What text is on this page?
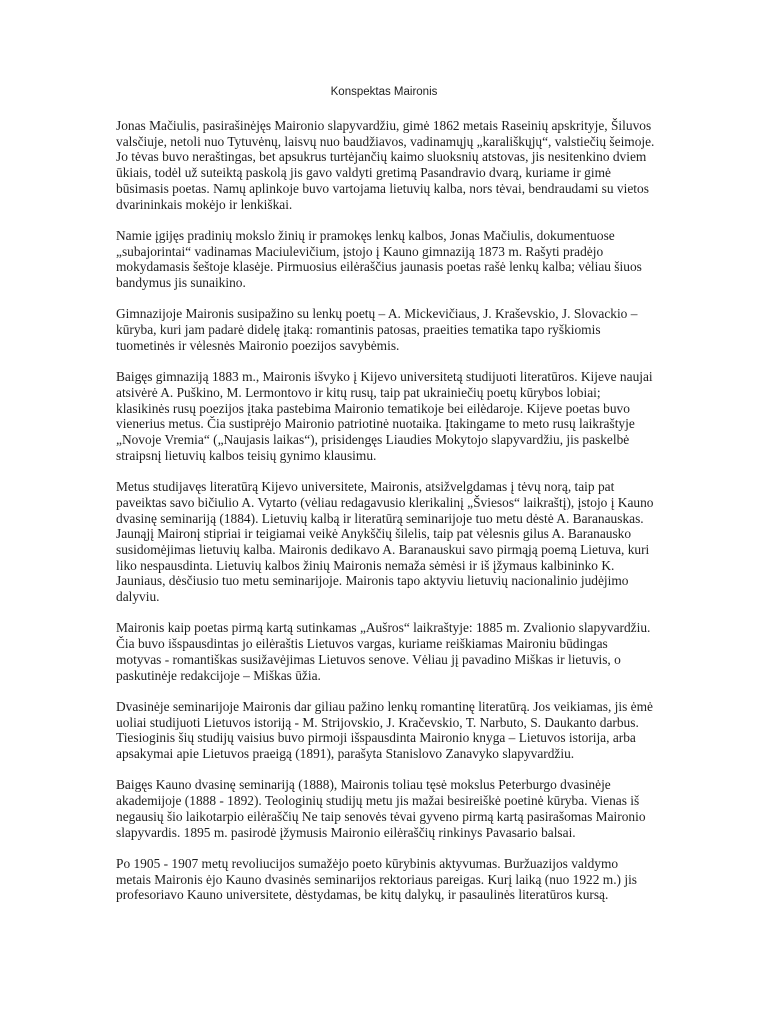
Konspektas Maironis

Jonas Mačiulis, pasirašinėjęs Maironio slapyvardžiu, gimė 1862 metais Raseinių apskrityje, Šiluvos valsčiuje, netoli nuo Tytuvėnų, laisvų nuo baudžiavos, vadinamųjų „karališkųjų“, valstiečių šeimoje. Jo tėvas buvo neraštingas, bet apsukrus turtėjančių kaimo sluoksnių atstovas, jis nesitenkino dviem ūkiais, todėl už suteiktą paskolą jis gavo valdyti gretimą Pasandravio dvarą, kuriame ir gimė būsimasis poetas. Namų aplinkoje buvo vartojama lietuvių kalba, nors tėvai, bendraudami su vietos dvarininkais mokėjo ir lenkiškai.

Namie įgijęs pradinių mokslo žinių ir pramokęs lenkų kalbos, Jonas Mačiulis, dokumentuose „subajorintai“ vadinamas Maciulevičium, įstojo į Kauno gimnaziją 1873 m. Rašyti pradėjo mokydamasis šeštoje klasėje. Pirmuosius eilėraščius jaunasis poetas rašė lenkų kalba; vėliau šiuos bandymus jis sunaikino.

Gimnazijoje Maironis susipažino su lenkų poetų – A. Mickevičiaus, J. Kraševskio, J. Slovackio – kūryba, kuri jam padarė didelę įtaką: romantinis patosas, praeities tematika tapo ryškiomis tuometinės ir vėlesnės Maironio poezijos savybėmis.

Baigęs gimnaziją 1883 m., Maironis išvyko į Kijevo universitetą studijuoti literatūros. Kijeve naujai atsivėrė A. Puškino, M. Lermontovo ir kitų rusų, taip pat ukrainiečių poetų kūrybos lobiai; klasikinės rusų poezijos įtaka pastebima Maironio tematikoje bei eilėdaroje. Kijeve poetas buvo vienerius metus. Čia sustiprėjo Maironio patriotinė nuotaika. Įtakingame to meto rusų laikraštyje „Novoje Vremia“ („Naujasis laikas“), prisidengęs Liaudies Mokytojo slapyvardžiu, jis paskelbė straipsnį lietuvių kalbos teisių gynimo klausimu.

Metus studijavęs literatūrą Kijevo universitete, Maironis, atsižvelgdamas į tėvų norą, taip pat paveiktas savo bičiulio A. Vytarto (vėliau redagavusio klerikalinį „Šviesos“ laikraštį), įstojo į Kauno dvasinę seminariją (1884). Lietuvių kalbą ir literatūrą seminarijoje tuo metu dėstė A. Baranauskas. Jaunąjį Maironį stipriai ir teigiamai veikė Anykščių šilelis, taip pat vėlesnis gilus A. Baranausko susidomėjimas lietuvių kalba. Maironis dedikavo A. Baranauskui savo pirmąją poemą Lietuva, kuri liko nespausdinta. Lietuvių kalbos žinių Maironis nemaža sėmėsi ir iš įžymaus kalbininko K. Jauniaus, dėsčiusio tuo metu seminarijoje. Maironis tapo aktyviu lietuvių nacionalinio judėjimo dalyviu.

Maironis kaip poetas pirmą kartą sutinkamas „Aušros“ laikraštyje: 1885 m. Zvalionio slapyvardžiu. Čia buvo išspausdintas jo eilėraštis Lietuvos vargas, kuriame reiškiamas Maironiu būdingas motyvas - romantiškas susižavėjimas Lietuvos senove. Vėliau jį pavadino Miškas ir lietuvis, o paskutinėje redakcijoje – Miškas ūžia.

Dvasinėje seminarijoje Maironis dar giliau pažino lenkų romantinę literatūrą. Jos veikiamas, jis ėmė uoliai studijuoti Lietuvos istoriją - M. Strijovskio, J. Kračevskio, T. Narbuto, S. Daukanto darbus. Tiesioginis šių studijų vaisius buvo pirmoji išspausdinta Maironio knyga – Lietuvos istorija, arba apsakymai apie Lietuvos praeigą (1891), parašyta Stanislovo Zanavyko slapyvardžiu.

Baigęs Kauno dvasinę seminariją (1888), Maironis toliau tęsė mokslus Peterburgo dvasinėje akademijoje (1888 - 1892). Teologinių studijų metu jis mažai besireiškė poetinė kūryba. Vienas iš negausių šio laikotarpio eilėraščių Ne taip senovės tėvai gyveno pirmą kartą pasirašomas Maironio slapyvardis. 1895 m. pasirodė įžymusis Maironio eilėraščių rinkinys Pavasario balsai.

Po 1905 - 1907 metų revoliucijos sumažėjo poeto kūrybinis aktyvumas. Buržuazijos valdymo metais Maironis ėjo Kauno dvasinės seminarijos rektoriaus pareigas. Kurį laiką (nuo 1922 m.) jis profesoriavo Kauno universitete, dėstydamas, be kitų dalykų, ir pasaulinės literatūros kursą.
